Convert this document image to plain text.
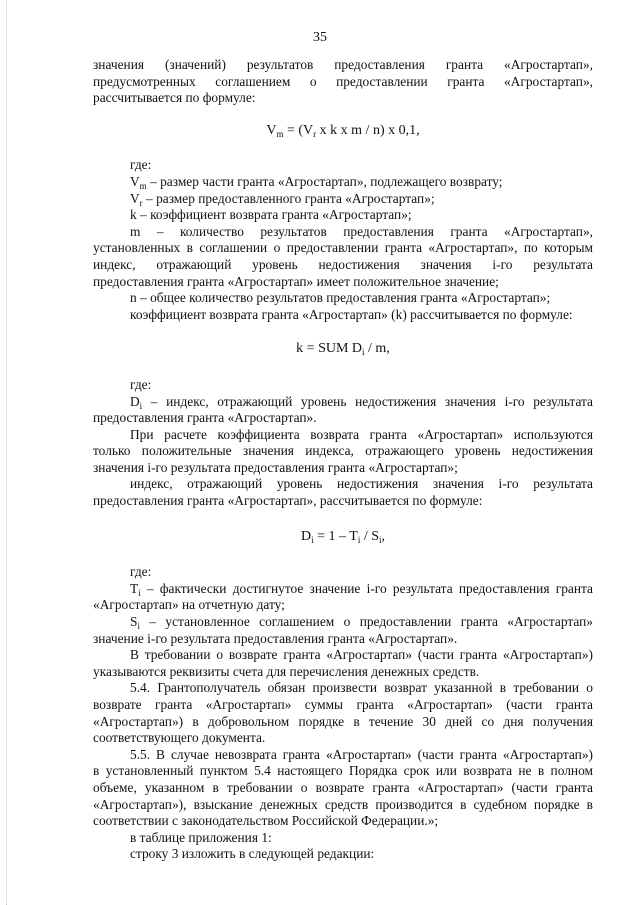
35

значения (значений) результатов предоставления гранта «Агростартап»,

предусмотренных соглашением о предоставлении гранта «Агростартап»,

рассчитывается по формуле:

$V_m = (V_r$ x k x m / n) x 0,1,

где:

$V_m$ – размер части гранта «Агростартап», подлежащего возврату;

$V_r$ – размер предоставленного гранта «Агростартап»;

k – коэффициент возврата гранта «Агростартап»;

m – количество результатов предоставления гранта «Агростартап»,

установленных в соглашении о предоставлении гранта «Агростартап», по которым

индекс, отражающий уровень недостижения значения i-го результата

предоставления гранта «Агростартап» имеет положительное значение;

n – общее количество результатов предоставления гранта «Агростартап»;

коэффициент возврата гранта «Агростартап» (k) рассчитывается по формуле:

k = SUM $D_i$ / m,

где:

$D_i$ – индекс, отражающий уровень недостижения значения i-го результата

предоставления гранта «Агростартап».

При расчете коэффициента возврата гранта «Агростартап» используются

только положительные значения индекса, отражающего уровень недостижения

значения i-го результата предоставления гранта «Агростартап»;

индекс, отражающий уровень недостижения значения i-го результата

предоставления гранта «Агростартап», рассчитывается по формуле:

$D_i = 1 - T_i / S_i$,

где:

$T_i$ – фактически достигнутое значение i-го результата предоставления гранта

«Агростартап» на отчетную дату;

$S_i$ – установленное соглашением о предоставлении гранта «Агростартап»

значение i-го результата предоставления гранта «Агростартап».

В требовании о возврате гранта «Агростартап» (части гранта «Агростартап»)

указываются реквизиты счета для перечисления денежных средств.

5.4. Грантополучатель обязан произвести возврат указанной в требовании о

возврате гранта «Агростартап» суммы гранта «Агростартап» (части гранта

«Агростартап») в добровольном порядке в течение 30 дней со дня получения

соответствующего документа.

5.5. В случае невозврата гранта «Агростартап» (части гранта «Агростартап»)

в установленный пунктом 5.4 настоящего Порядка срок или возврата не в полном

объеме, указанном в требовании о возврате гранта «Агростартап» (части гранта

«Агростартап»), взыскание денежных средств производится в судебном порядке в

соответствии с законодательством Российской Федерации.»;

в таблице приложения 1:

строку 3 изложить в следующей редакции:
